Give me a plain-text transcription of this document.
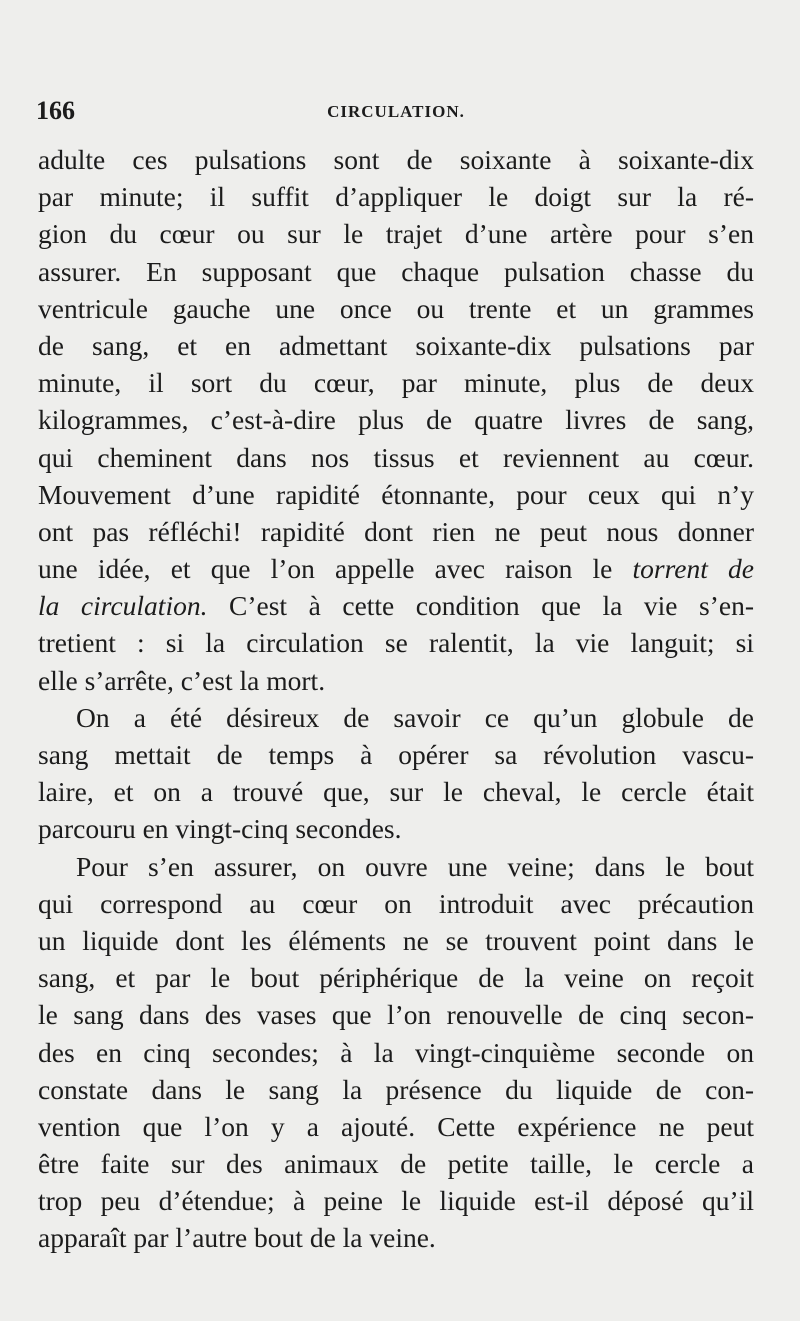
166	CIRCULATION.
adulte ces pulsations sont de soixante à soixante-dix
par minute; il suffit d’appliquer le doigt sur la ré-
gion du cœur ou sur le trajet d’une artère pour s’en
assurer. En supposant que chaque pulsation chasse du
ventricule gauche une once ou trente et un grammes
de sang, et en admettant soixante-dix pulsations par
minute, il sort du cœur, par minute, plus de deux
kilogrammes, c’est-à-dire plus de quatre livres de sang,
qui cheminent dans nos tissus et reviennent au cœur.
Mouvement d’une rapidité étonnante, pour ceux qui n’y
ont pas réfléchi! rapidité dont rien ne peut nous donner
une idée, et que l’on appelle avec raison le torrent de
la circulation. C’est à cette condition que la vie s’en-
tretient : si la circulation se ralentit, la vie languit; si
elle s’arrête, c’est la mort.
On a été désireux de savoir ce qu’un globule de
sang mettait de temps à opérer sa révolution vascu-
laire, et on a trouvé que, sur le cheval, le cercle était
parcouru en vingt-cinq secondes.
Pour s’en assurer, on ouvre une veine; dans le bout
qui correspond au cœur on introduit avec précaution
un liquide dont les éléments ne se trouvent point dans le
sang, et par le bout périphérique de la veine on reçoit
le sang dans des vases que l’on renouvelle de cinq secon-
des en cinq secondes; à la vingt-cinquième seconde on
constate dans le sang la présence du liquide de con-
vention que l’on y a ajouté. Cette expérience ne peut
être faite sur des animaux de petite taille, le cercle a
trop peu d’étendue; à peine le liquide est-il déposé qu’il
apparaît par l’autre bout de la veine.
